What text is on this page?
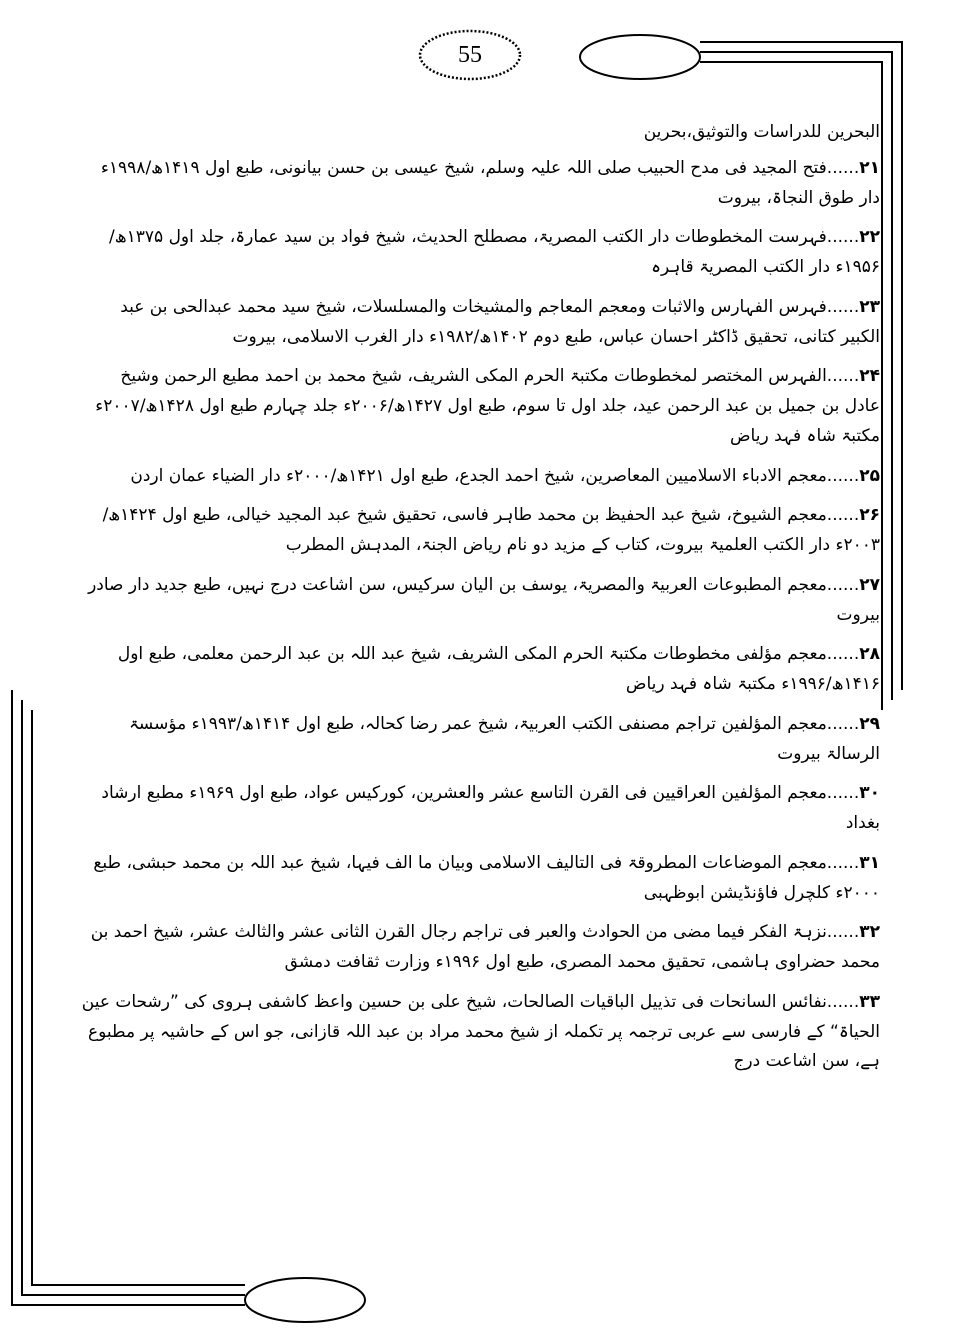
55

البحرین للدراسات والتوثیق،بحرین

۲۱......فتح المجید فی مدح الحبیب صلی اللہ علیہ وسلم، شیخ عیسی بن حسن بیانونی، طبع اول ۱۴۱۹ھ/۱۹۹۸ء دار طوق النجاۃ، بیروت

۲۲......فہرست المخطوطات دار الکتب المصریۃ، مصطلح الحدیث، شیخ فواد بن سید عمارۃ، جلد اول ۱۳۷۵ھ/۱۹۵۶ء دار الکتب المصریۃ قاہرہ

۲۳......فہرس الفہارس والاثبات ومعجم المعاجم والمشیخات والمسلسلات، شیخ سید محمد عبدالحی بن عبد الکبیر کتانی، تحقیق ڈاکٹر احسان عباس، طبع دوم ۱۴۰۲ھ/۱۹۸۲ء دار الغرب الاسلامی، بیروت

۲۴......الفہرس المختصر لمخطوطات مکتبۃ الحرم المکی الشریف، شیخ محمد بن احمد مطیع الرحمن وشیخ عادل بن جمیل بن عبد الرحمن عید، جلد اول تا سوم، طبع اول ۱۴۲۷ھ/۲۰۰۶ء جلد چہارم طبع اول ۱۴۲۸ھ/۲۰۰۷ء مکتبۃ شاہ فہد ریاض

۲۵......معجم الادباء الاسلامیین المعاصرین، شیخ احمد الجدع، طبع اول ۱۴۲۱ھ/۲۰۰۰ء دار الضیاء عمان اردن

۲۶......معجم الشیوخ، شیخ عبد الحفیظ بن محمد طاہر فاسی، تحقیق شیخ عبد المجید خیالی، طبع اول ۱۴۲۴ھ/۲۰۰۳ء دار الکتب العلمیۃ بیروت، کتاب کے مزید دو نام ریاض الجنۃ، المدہش المطرب

۲۷......معجم المطبوعات العربیۃ والمصریۃ، یوسف بن الیان سرکیس، سن اشاعت درج نہیں، طبع جدید دار صادر بیروت

۲۸......معجم مؤلفی مخطوطات مکتبۃ الحرم المکی الشریف، شیخ عبد اللہ بن عبد الرحمن معلمی، طبع اول ۱۴۱۶ھ/۱۹۹۶ء مکتبۃ شاہ فہد ریاض

۲۹......معجم المؤلفین تراجم مصنفی الکتب العربیۃ، شیخ عمر رضا کحالہ، طبع اول ۱۴۱۴ھ/۱۹۹۳ء مؤسسۃ الرسالۃ بیروت

۳۰......معجم المؤلفین العراقیین فی القرن التاسع عشر والعشرین، کورکیس عواد، طبع اول ۱۹۶۹ء مطبع ارشاد بغداد

۳۱......معجم الموضاعات المطروقۃ فی التالیف الاسلامی وبیان ما الف فیہا، شیخ عبد اللہ بن محمد حبشی، طبع ۲۰۰۰ء کلچرل فاؤنڈیشن ابوظہبی

۳۲......نزہۃ الفکر فیما مضی من الحوادث والعبر فی تراجم رجال القرن الثانی عشر والثالث عشر، شیخ احمد بن محمد حضراوی ہاشمی، تحقیق محمد المصری، طبع اول ۱۹۹۶ء وزارت ثقافت دمشق

۳۳......نفائس السانحات فی تذییل الباقیات الصالحات، شیخ علی بن حسین واعظ کاشفی ہروی کی ”رشحات عین الحیاۃ“ کے فارسی سے عربی ترجمہ پر تکملہ از شیخ محمد مراد بن عبد اللہ قازانی، جو اس کے حاشیہ پر مطبوع ہے، سن اشاعت درج
